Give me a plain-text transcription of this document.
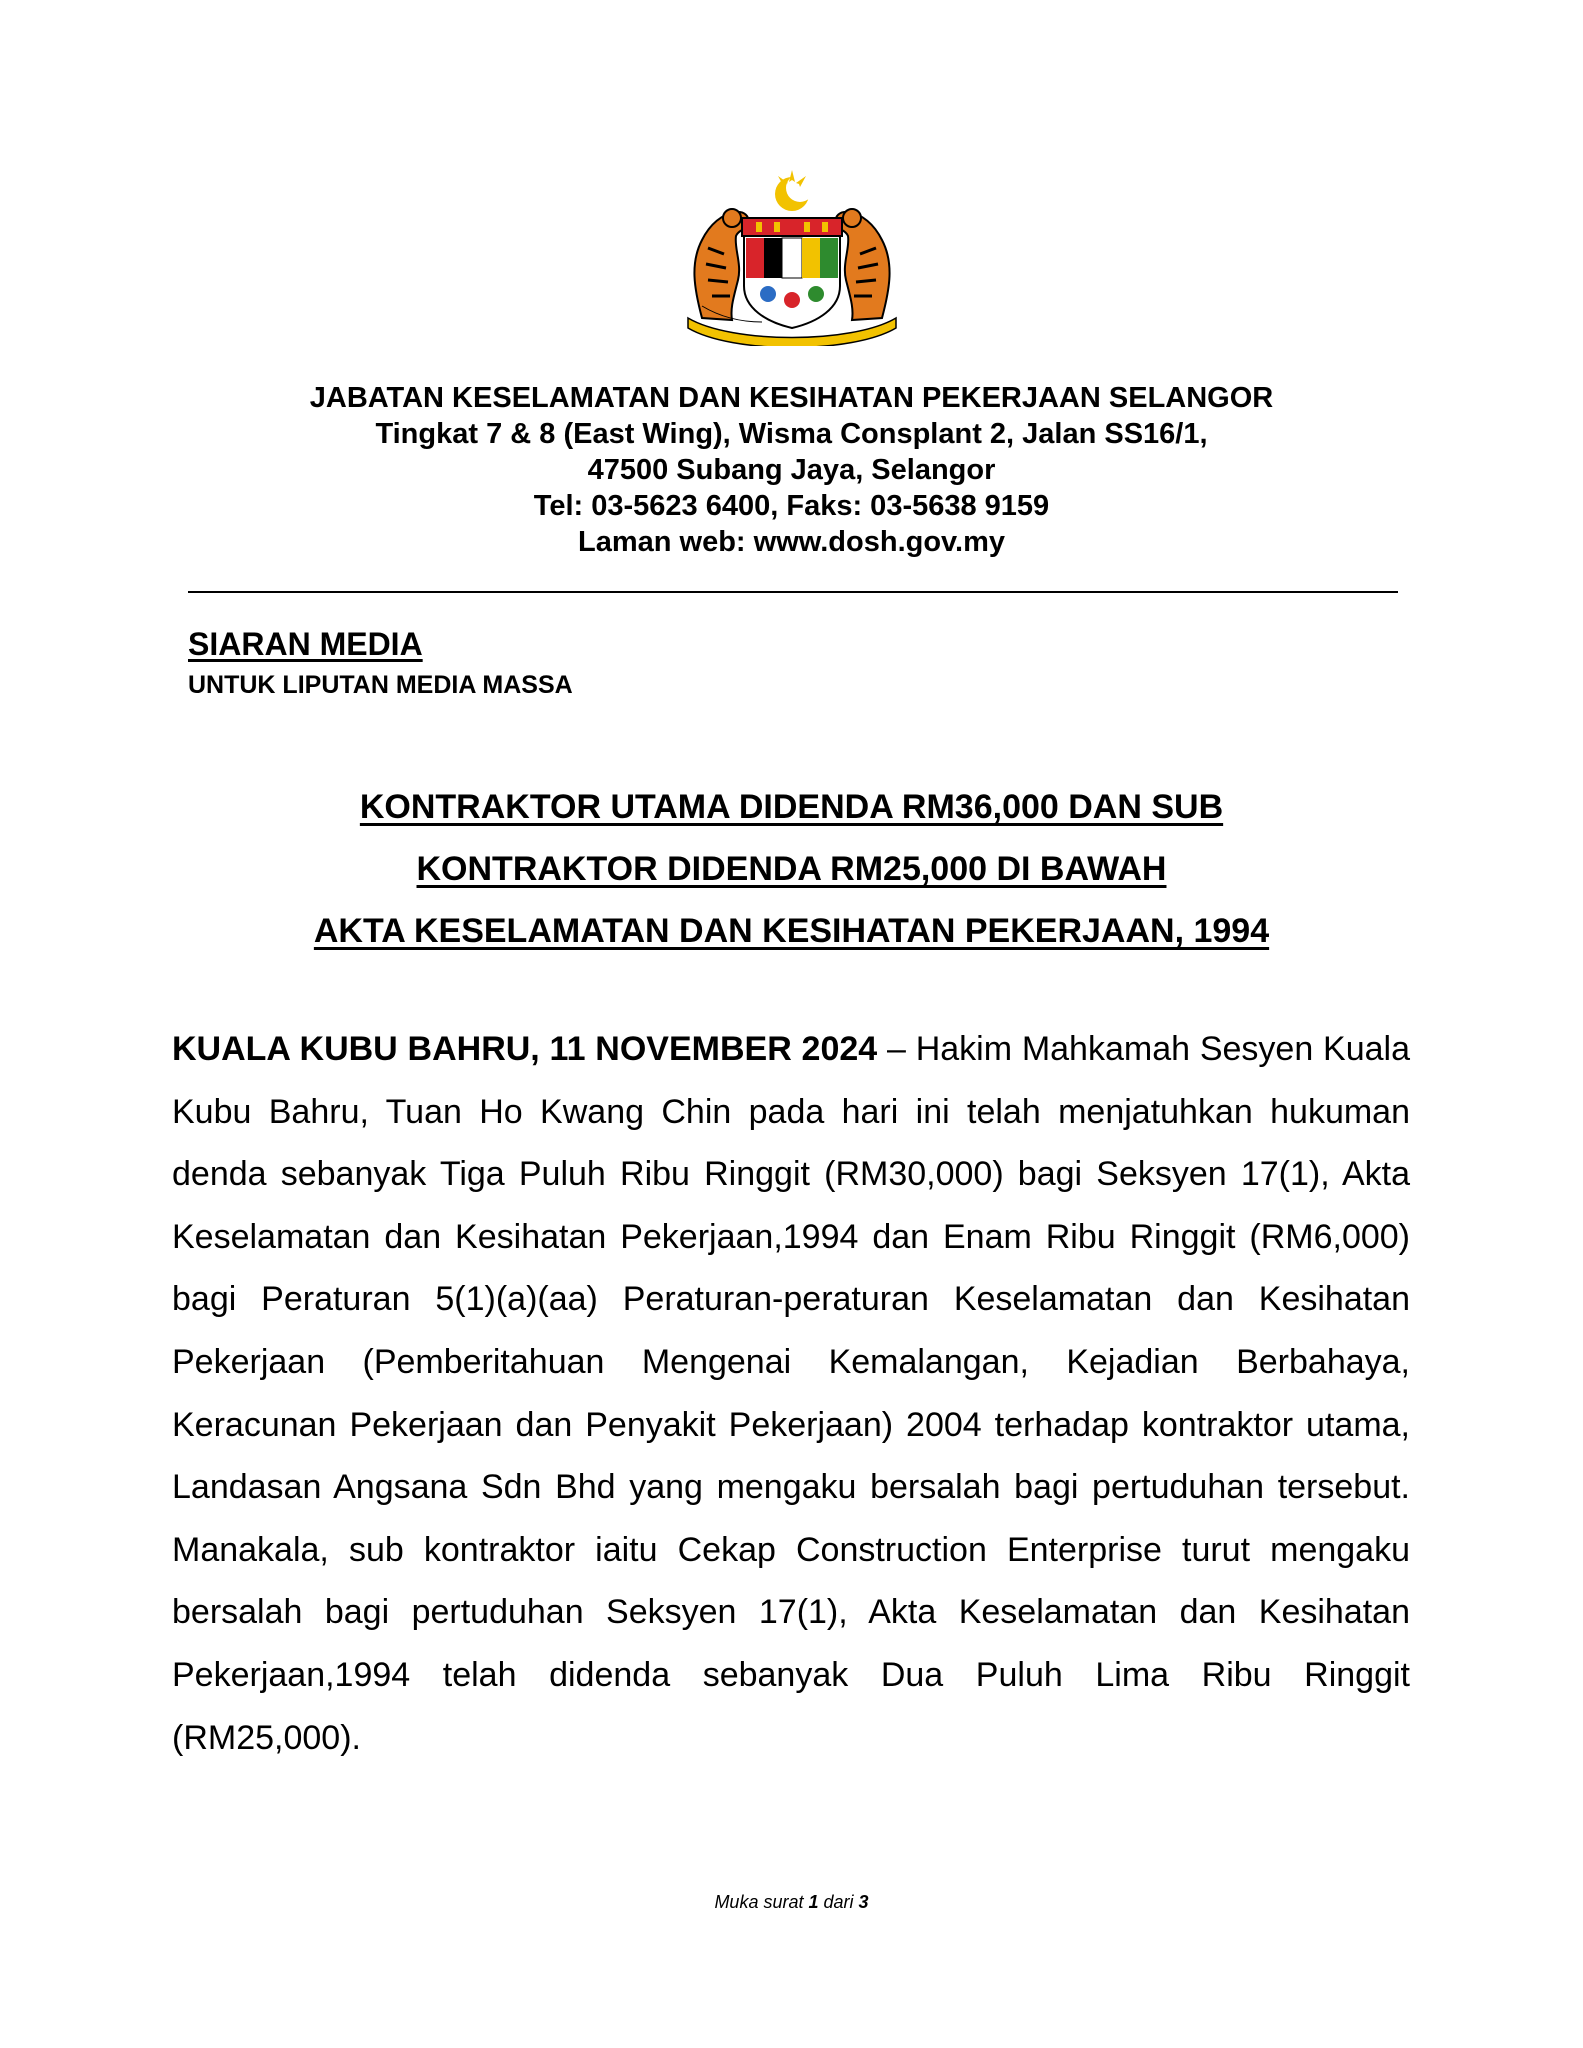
JABATAN KESELAMATAN DAN KESIHATAN PEKERJAAN SELANGOR
Tingkat 7 & 8 (East Wing), Wisma Consplant 2, Jalan SS16/1,
47500 Subang Jaya, Selangor
Tel: 03-5623 6400, Faks: 03-5638 9159
Laman web: www.dosh.gov.my
SIARAN MEDIA
UNTUK LIPUTAN MEDIA MASSA
KONTRAKTOR UTAMA DIDENDA RM36,000 DAN SUB
KONTRAKTOR DIDENDA RM25,000 DI BAWAH
AKTA KESELAMATAN DAN KESIHATAN PEKERJAAN, 1994

KUALA KUBU BAHRU, 11 NOVEMBER 2024 – Hakim Mahkamah Sesyen Kuala Kubu Bahru, Tuan Ho Kwang Chin pada hari ini telah menjatuhkan hukuman denda sebanyak Tiga Puluh Ribu Ringgit (RM30,000) bagi Seksyen 17(1), Akta Keselamatan dan Kesihatan Pekerjaan,1994 dan Enam Ribu Ringgit (RM6,000) bagi Peraturan 5(1)(a)(aa) Peraturan-peraturan Keselamatan dan Kesihatan Pekerjaan (Pemberitahuan Mengenai Kemalangan, Kejadian Berbahaya, Keracunan Pekerjaan dan Penyakit Pekerjaan) 2004 terhadap kontraktor utama, Landasan Angsana Sdn Bhd yang mengaku bersalah bagi pertuduhan tersebut. Manakala, sub kontraktor iaitu Cekap Construction Enterprise turut mengaku bersalah bagi pertuduhan Seksyen 17(1), Akta Keselamatan dan Kesihatan Pekerjaan,1994 telah didenda sebanyak Dua Puluh Lima Ribu Ringgit (RM25,000).

Muka surat 1 dari 3
